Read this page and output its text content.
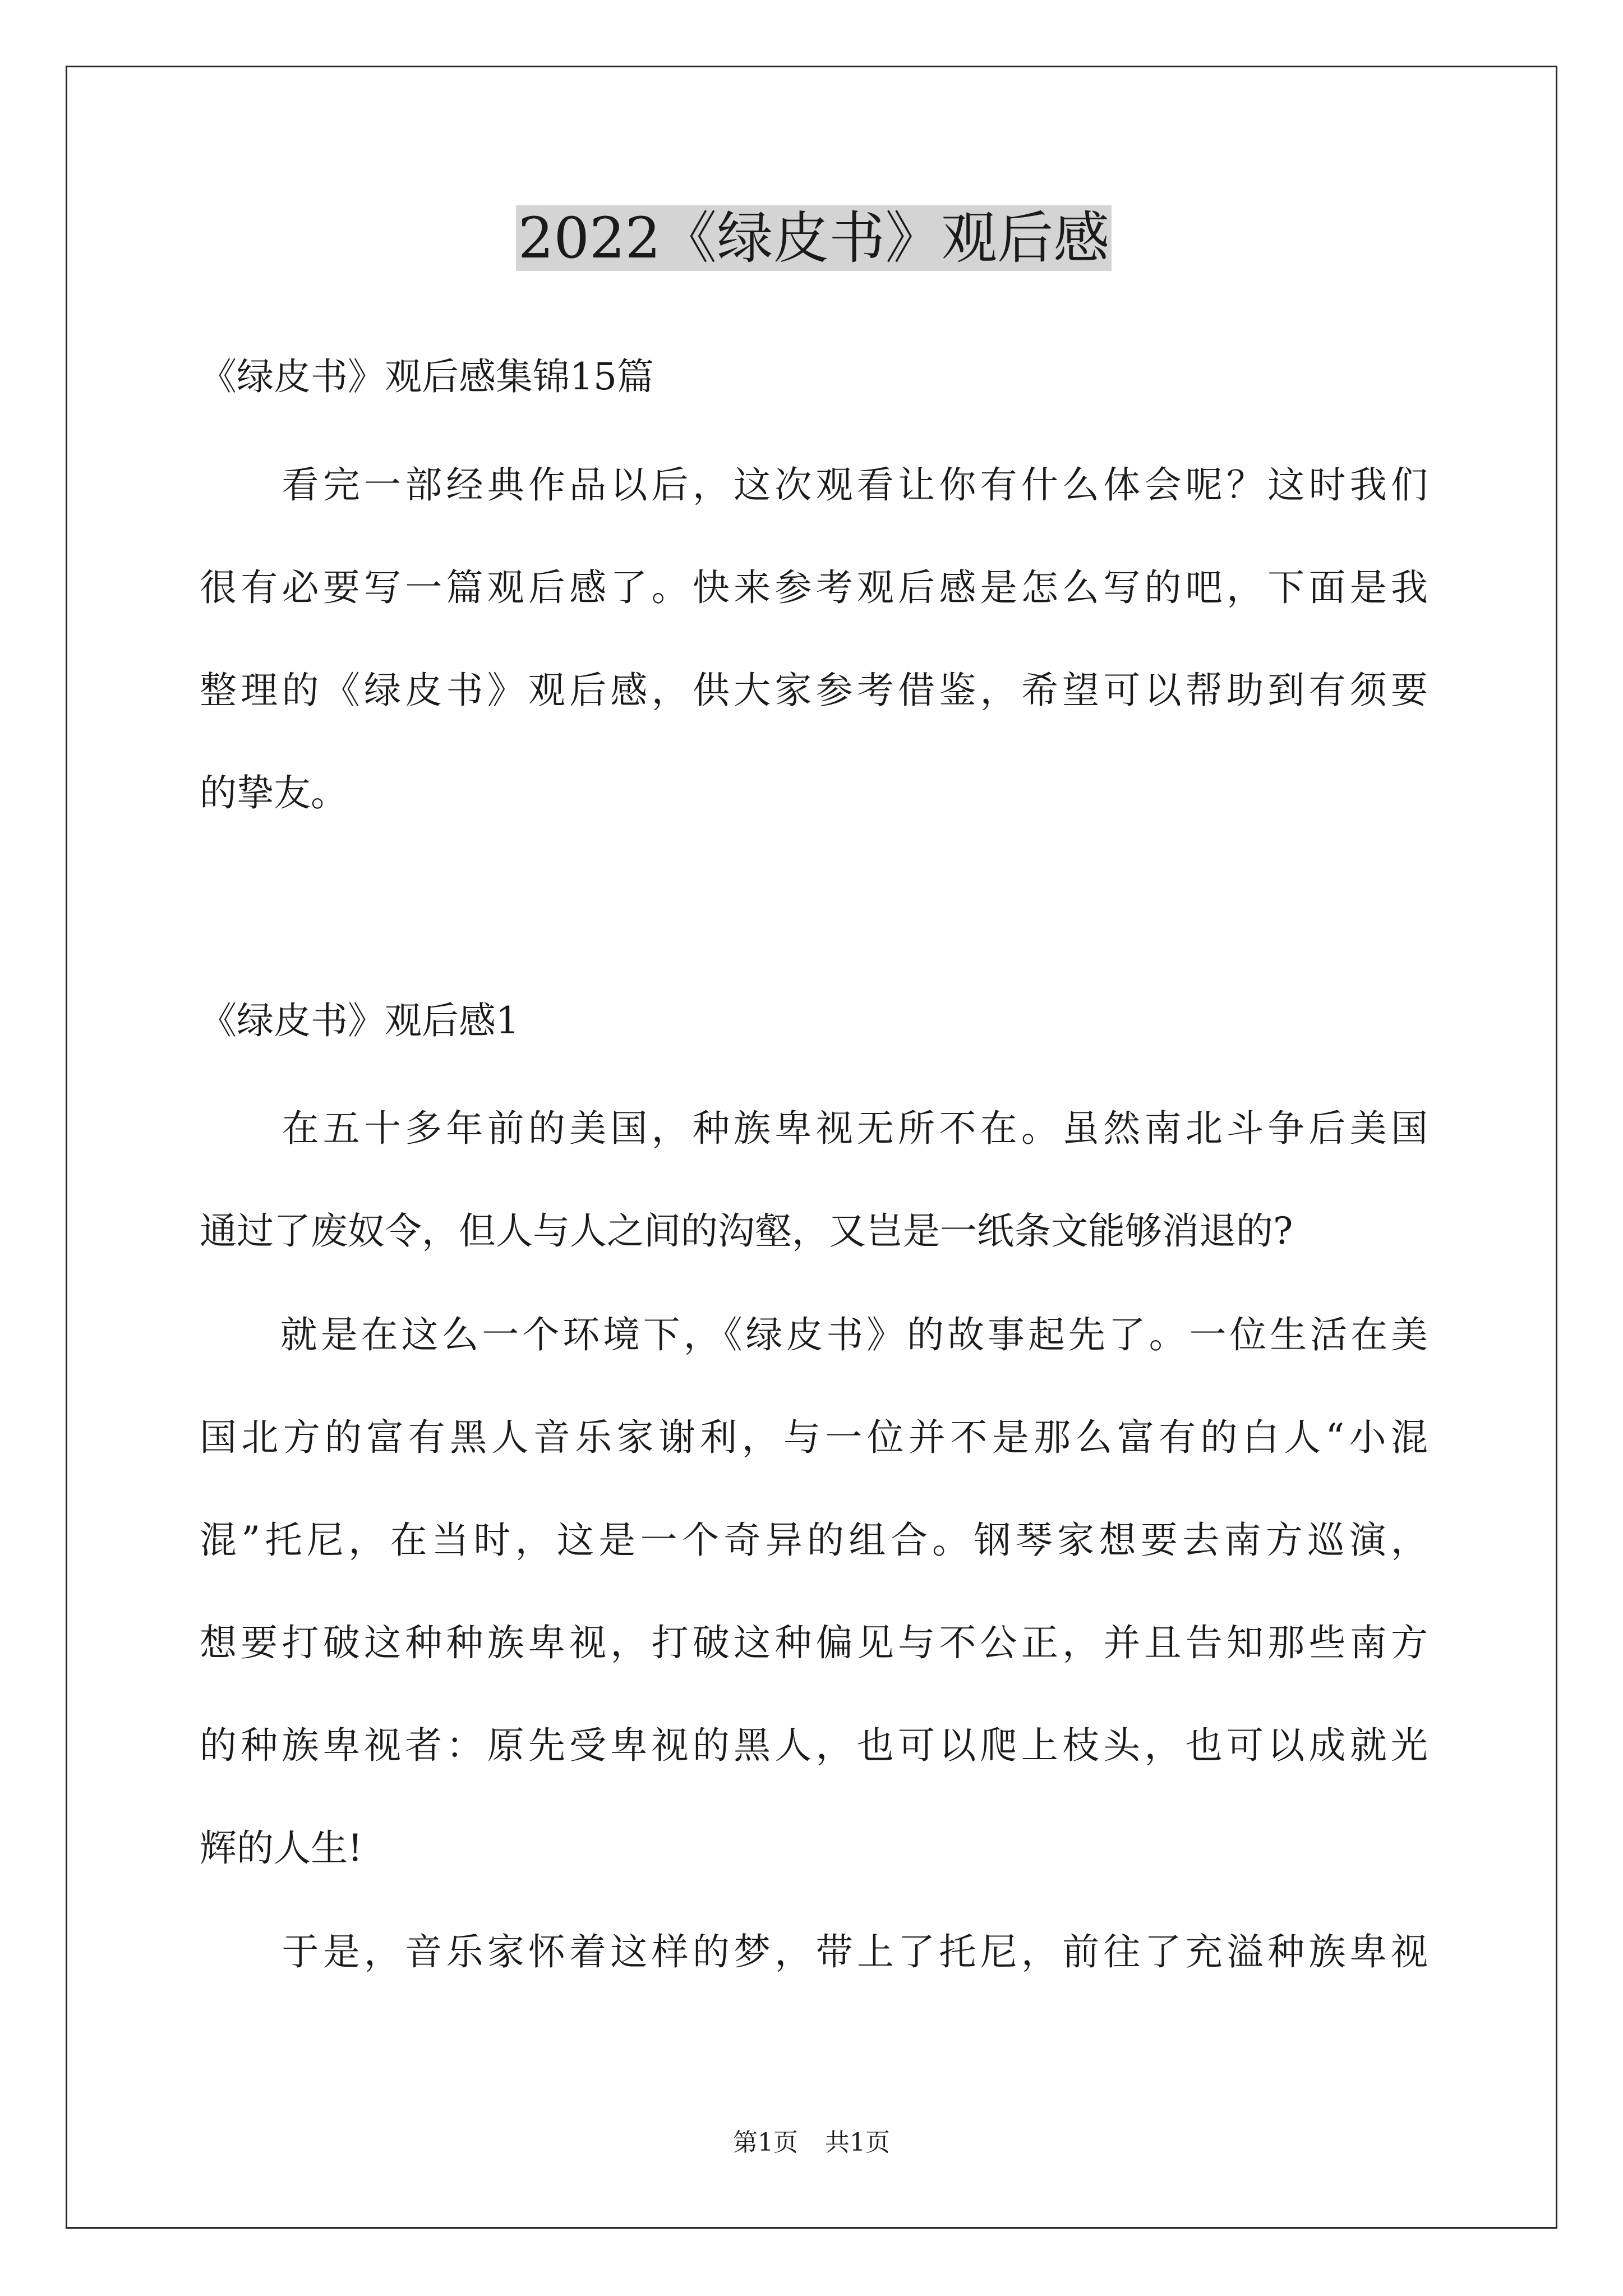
2022《绿皮书》观后感
《绿皮书》观后感集锦15篇
　　看完一部经典作品以后，这次观看让你有什么体会呢？这时我们
很有必要写一篇观后感了。快来参考观后感是怎么写的吧，下面是我
整理的《绿皮书》观后感，供大家参考借鉴，希望可以帮助到有须要
的挚友。
《绿皮书》观后感1
　　在五十多年前的美国，种族卑视无所不在。虽然南北斗争后美国
通过了废奴令，但人与人之间的沟壑，又岂是一纸条文能够消退的?
　　就是在这么一个环境下，《绿皮书》的故事起先了。一位生活在美
国北方的富有黑人音乐家谢利，与一位并不是那么富有的白人“小混
混”托尼，在当时，这是一个奇异的组合。钢琴家想要去南方巡演，
想要打破这种种族卑视，打破这种偏见与不公正，并且告知那些南方
的种族卑视者：原先受卑视的黑人，也可以爬上枝头，也可以成就光
辉的人生!
　　于是，音乐家怀着这样的梦，带上了托尼，前往了充溢种族卑视
第1页 共1页
